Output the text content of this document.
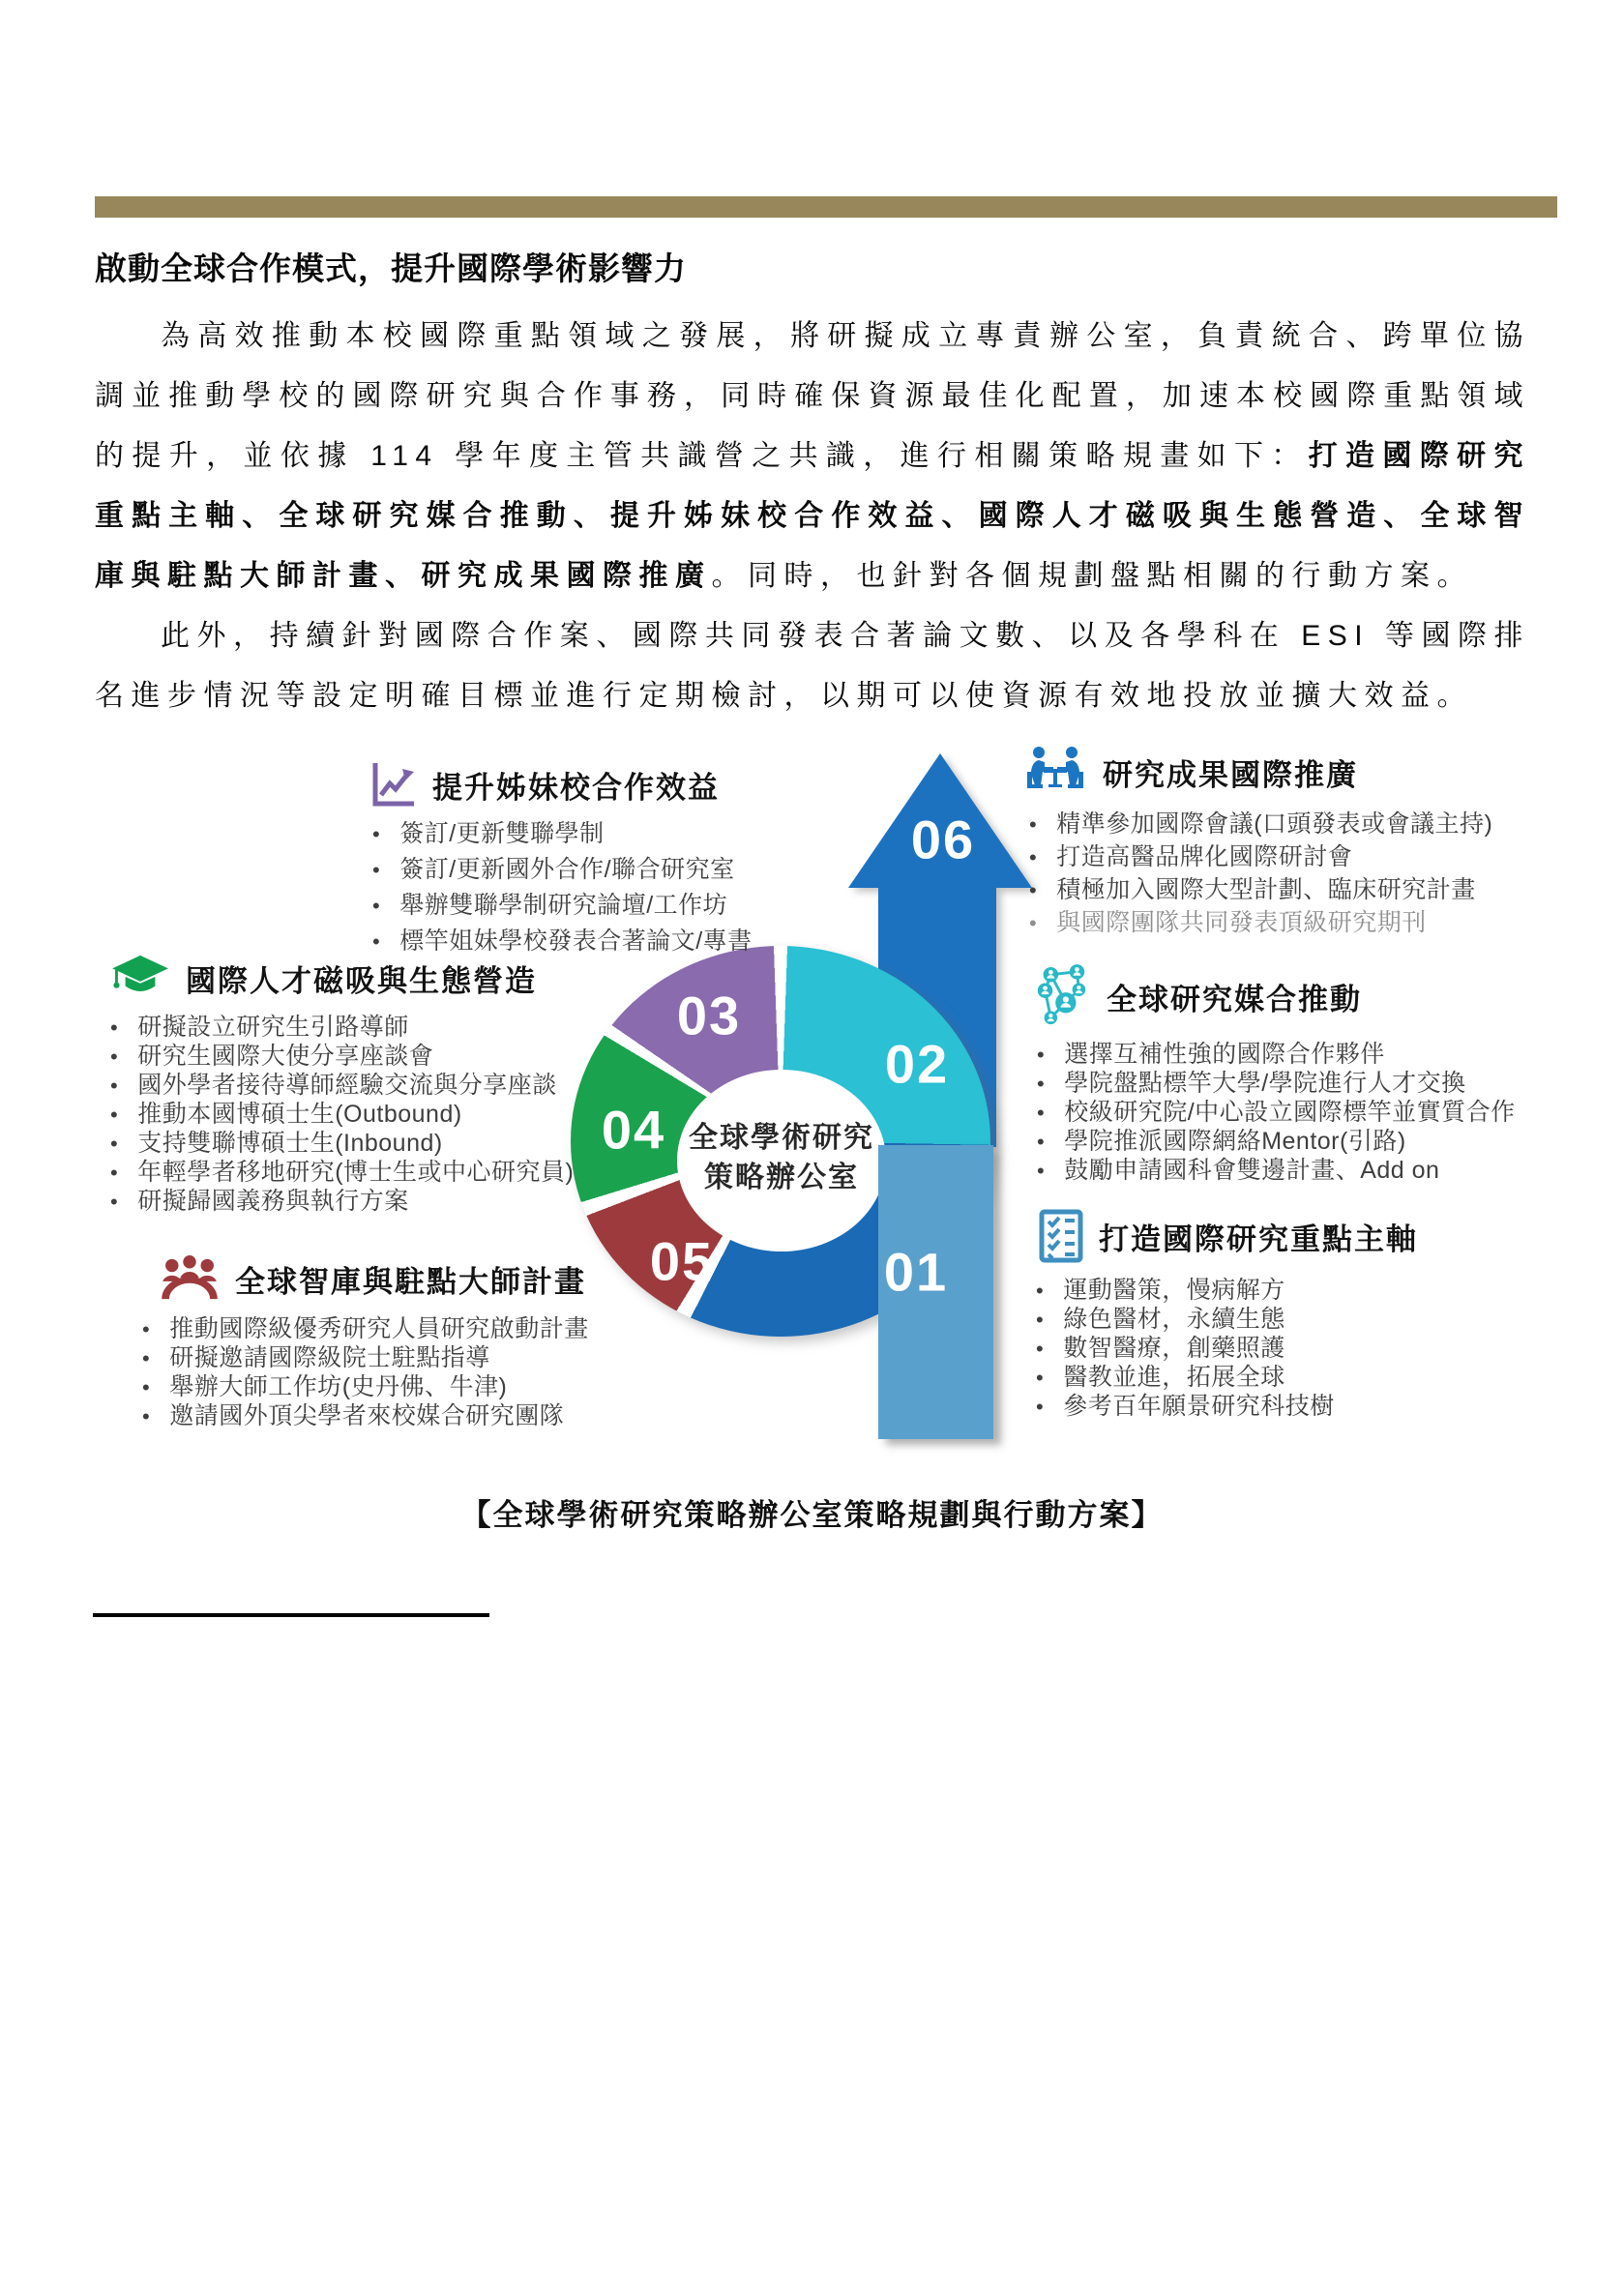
啟動全球合作模式，提升國際學術影響力

為高效推動本校國際重點領域之發展，將研擬成立專責辦公室，負責統合、跨單位協調並推動學校的國際研究與合作事務，同時確保資源最佳化配置，加速本校國際重點領域的提升，並依據 114 學年度主管共識營之共識，進行相關策略規畫如下：打造國際研究重點主軸、全球研究媒合推動、提升姊妹校合作效益、國際人才磁吸與生態營造、全球智庫與駐點大師計畫、研究成果國際推廣。同時，也針對各個規劃盤點相關的行動方案。

此外，持續針對國際合作案、國際共同發表合著論文數、以及各學科在 ESI 等國際排名進步情況等設定明確目標並進行定期檢討，以期可以使資源有效地投放並擴大效益。

全球學術研究
策略辦公室
01
02
03
04
05
06
提升姊妹校合作效益
• 簽訂/更新雙聯學制
• 簽訂/更新國外合作/聯合研究室
• 舉辦雙聯學制研究論壇/工作坊
• 標竿姐妹學校發表合著論文/專書
研究成果國際推廣
• 精準參加國際會議(口頭發表或會議主持)
• 打造高醫品牌化國際研討會
• 積極加入國際大型計劃、臨床研究計畫
• 與國際團隊共同發表頂級研究期刊
國際人才磁吸與生態營造
• 研擬設立研究生引路導師
• 研究生國際大使分享座談會
• 國外學者接待導師經驗交流與分享座談
• 推動本國博碩士生(Outbound)
• 支持雙聯博碩士生(Inbound)
• 年輕學者移地研究(博士生或中心研究員)
• 研擬歸國義務與執行方案
全球研究媒合推動
• 選擇互補性強的國際合作夥伴
• 學院盤點標竿大學/學院進行人才交換
• 校級研究院/中心設立國際標竿並實質合作
• 學院推派國際網絡Mentor(引路)
• 鼓勵申請國科會雙邊計畫、Add on
全球智庫與駐點大師計畫
• 推動國際級優秀研究人員研究啟動計畫
• 研擬邀請國際級院士駐點指導
• 舉辦大師工作坊(史丹佛、牛津)
• 邀請國外頂尖學者來校媒合研究團隊
打造國際研究重點主軸
• 運動醫策，慢病解方
• 綠色醫材，永續生態
• 數智醫療，創藥照護
• 醫教並進，拓展全球
• 參考百年願景研究科技樹

【全球學術研究策略辦公室策略規劃與行動方案】
